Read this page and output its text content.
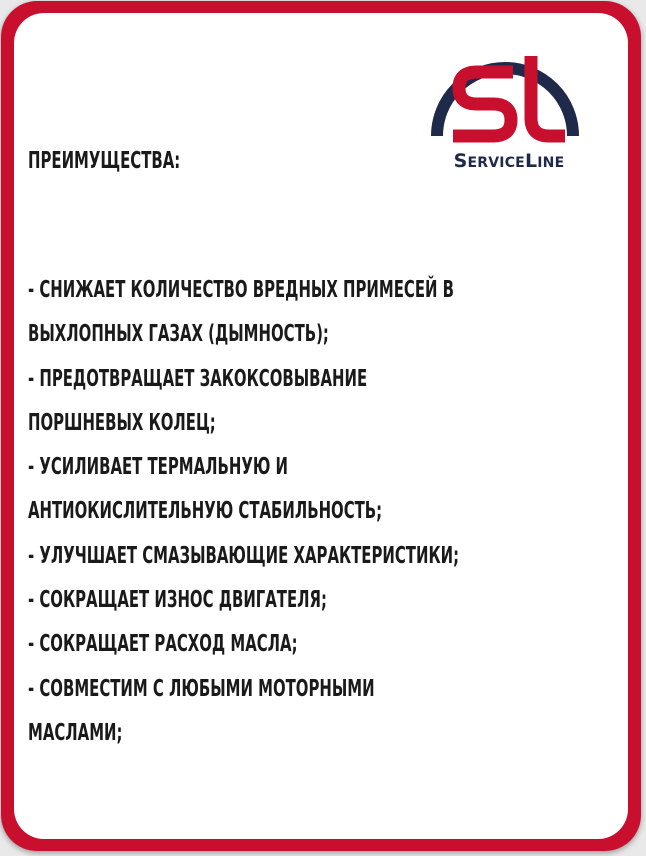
ПРЕИМУЩЕСТВА:	SERVICELINE
- СНИЖАЕТ КОЛИЧЕСТВО ВРЕДНЫХ ПРИМЕСЕЙ В
ВЫХЛОПНЫХ ГАЗАХ (ДЫМНОСТЬ);
- ПРЕДОТВРАЩАЕТ ЗАКОКСОВЫВАНИЕ
ПОРШНЕВЫХ КОЛЕЦ;
- УСИЛИВАЕТ ТЕРМАЛЬНУЮ И
АНТИОКИСЛИТЕЛЬНУЮ СТАБИЛЬНОСТЬ;
- УЛУЧШАЕТ СМАЗЫВАЮЩИЕ ХАРАКТЕРИСТИКИ;
- СОКРАЩАЕТ ИЗНОС ДВИГАТЕЛЯ;
- СОКРАЩАЕТ РАСХОД МАСЛА;
- СОВМЕСТИМ С ЛЮБЫМИ МОТОРНЫМИ
МАСЛАМИ;
